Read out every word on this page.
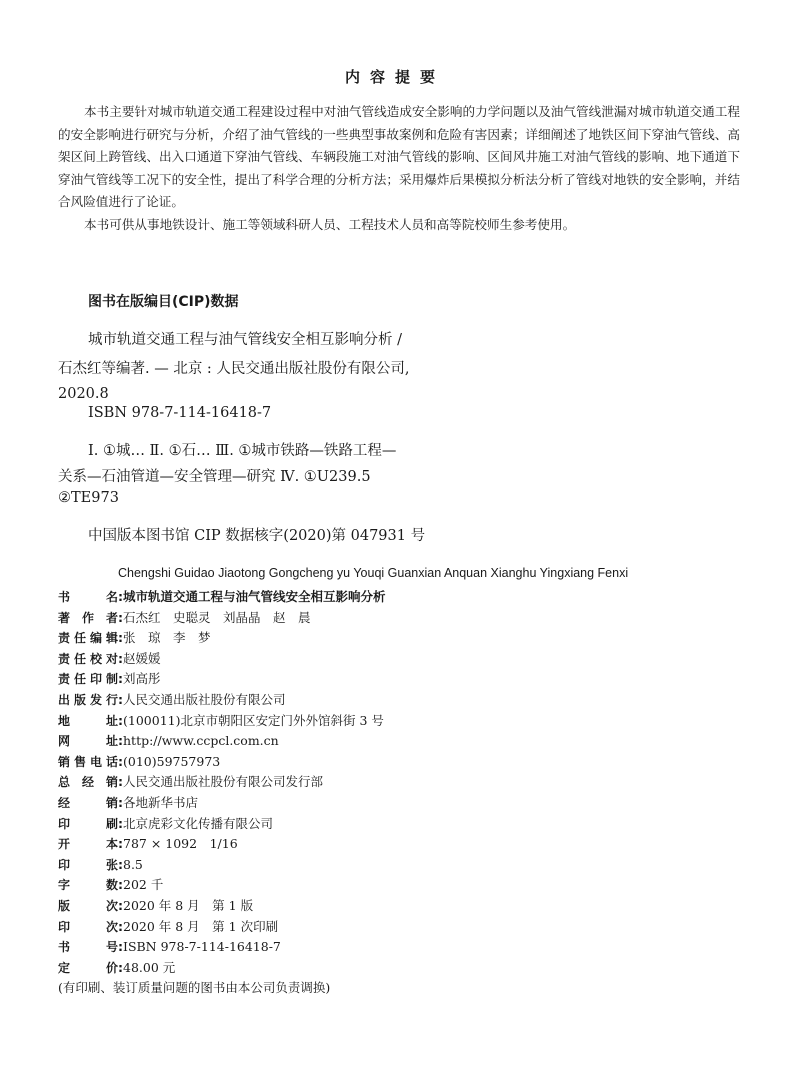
内容提要
本书主要针对城市轨道交通工程建设过程中对油气管线造成安全影响的力学问题以及油气管线泄漏对城市轨道交通工程的安全影响进行研究与分析，介绍了油气管线的一些典型事故案例和危险有害因素；详细阐述了地铁区间下穿油气管线、高架区间上跨管线、出入口通道下穿油气管线、车辆段施工对油气管线的影响、区间风井施工对油气管线的影响、地下通道下穿油气管线等工况下的安全性，提出了科学合理的分析方法；采用爆炸后果模拟分析法分析了管线对地铁的安全影响，并结合风险值进行了论证。
本书可供从事地铁设计、施工等领域科研人员、工程技术人员和高等院校师生参考使用。
图书在版编目(CIP)数据
城市轨道交通工程与油气管线安全相互影响分析 /
石杰红等编著. — 北京 : 人民交通出版社股份有限公司,
2020.8
ISBN 978-7-114-16418-7
Ⅰ. ①城… Ⅱ. ①石… Ⅲ. ①城市铁路—铁路工程—
关系—石油管道—安全管理—研究 Ⅳ. ①U239.5
②TE973
中国版本图书馆 CIP 数据核字(2020)第 047931 号
Chengshi Guidao Jiaotong Gongcheng yu Youqi Guanxian Anquan Xianghu Yingxiang Fenxi
书名:城市轨道交通工程与油气管线安全相互影响分析
著作者:石杰红　史聪灵　刘晶晶　赵　晨
责任编辑:张　琼　李　梦
责任校对:赵媛媛
责任印制:刘高彤
出版发行:人民交通出版社股份有限公司
地址:(100011)北京市朝阳区安定门外外馆斜街 3 号
网址:http://www.ccpcl.com.cn
销售电话:(010)59757973
总经销:人民交通出版社股份有限公司发行部
经销:各地新华书店
印刷:北京虎彩文化传播有限公司
开本:787 × 1092　1/16
印张:8.5
字数:202 千
版次:2020 年 8 月　第 1 版
印次:2020 年 8 月　第 1 次印刷
书号:ISBN 978-7-114-16418-7
定价:48.00 元
(有印刷、装订质量问题的图书由本公司负责调换)
